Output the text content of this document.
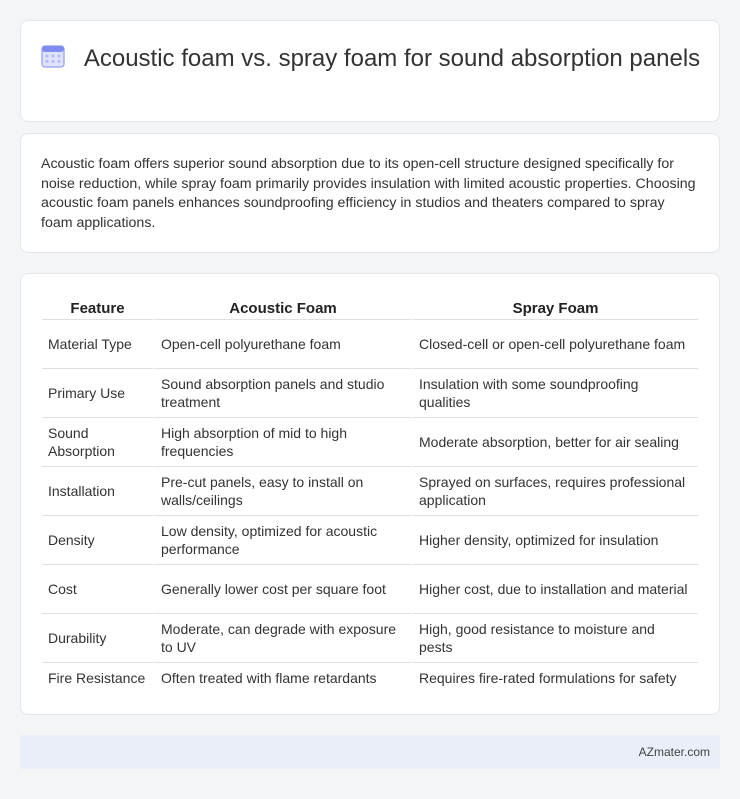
Acoustic foam vs. spray foam for sound absorption panels

Acoustic foam offers superior sound absorption due to its open-cell structure designed specifically for noise reduction, while spray foam primarily provides insulation with limited acoustic properties. Choosing acoustic foam panels enhances soundproofing efficiency in studios and theaters compared to spray foam applications.

Feature	Acoustic Foam	Spray Foam
Material Type	Open-cell polyurethane foam	Closed-cell or open-cell polyurethane foam
Primary Use	Sound absorption panels and studio treatment	Insulation with some soundproofing qualities
Sound Absorption	High absorption of mid to high frequencies	Moderate absorption, better for air sealing
Installation	Pre-cut panels, easy to install on walls/ceilings	Sprayed on surfaces, requires professional application
Density	Low density, optimized for acoustic performance	Higher density, optimized for insulation
Cost	Generally lower cost per square foot	Higher cost, due to installation and material
Durability	Moderate, can degrade with exposure to UV	High, good resistance to moisture and pests
Fire Resistance	Often treated with flame retardants	Requires fire-rated formulations for safety
AZmater.com
